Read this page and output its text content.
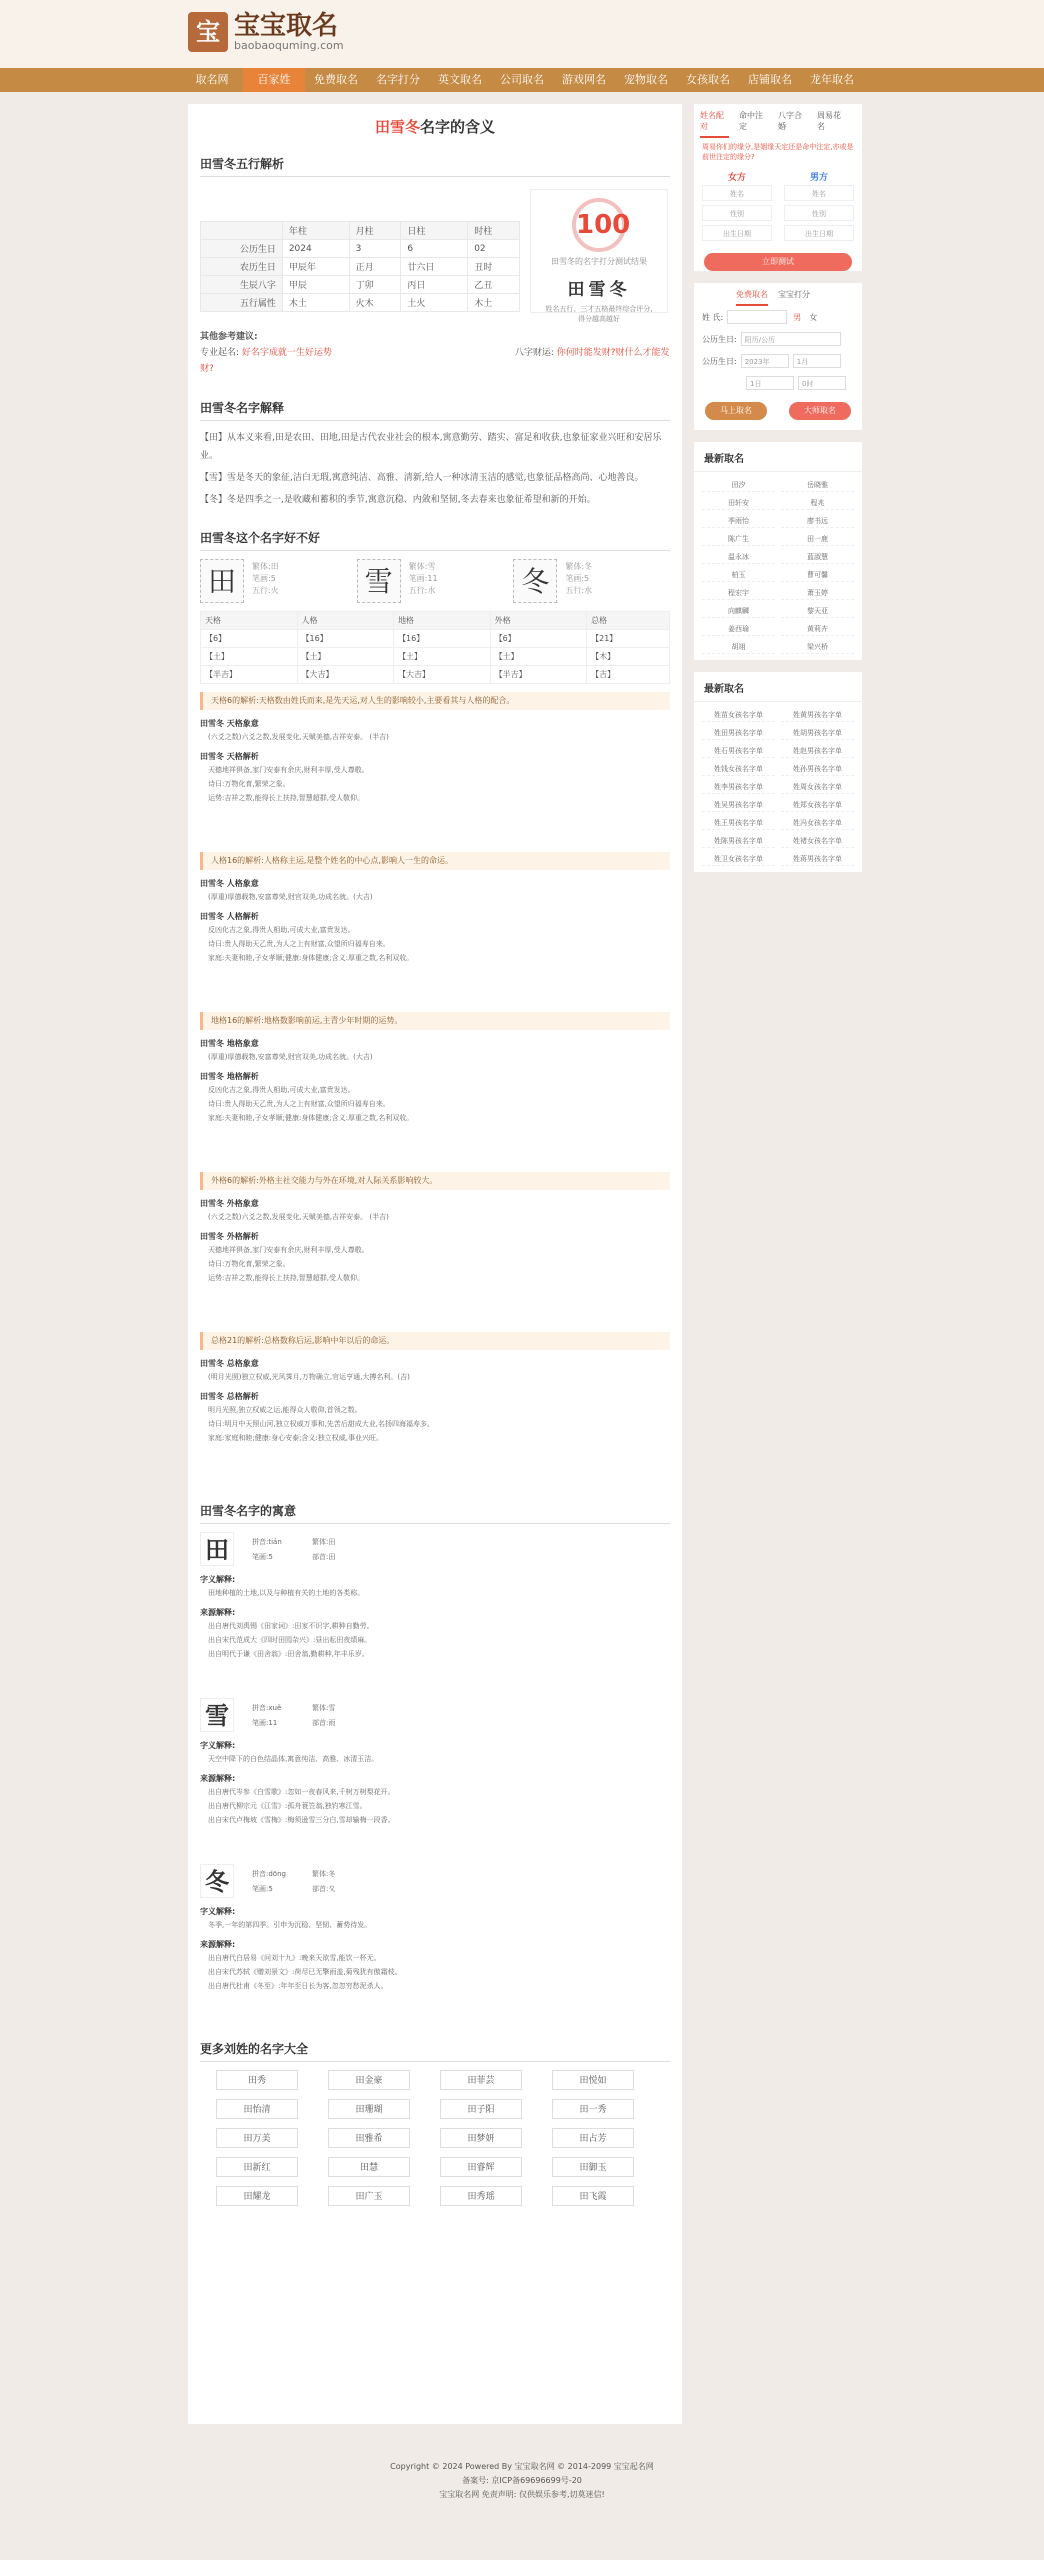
宝 宝宝取名
baobaoquming.com
取名网	百家姓	免费取名	名字打分	英文取名	公司取名	游戏网名	宠物取名	女孩取名	店铺取名	龙年取名
田雪冬名字的含义
田雪冬五行解析
	年柱	月柱	日柱	时柱
公历生日	2024	3	6	02
农历生日	甲辰年	正月	廿六日	丑时
生辰八字	甲辰	丁卯	丙日	乙丑
五行属性	木土	火木	土火	木土
100
田雪冬的名字打分测试结果
田雪冬
姓名五行、三才五格最终综合评分,得分越高越好
其他参考建议:
专业起名: 好名字成就一生好运势	八字财运: 你何时能发财?财什么才能发财?
田雪冬名字解释
【田】从本义来看,田是农田、田地,田是古代农业社会的根本,寓意勤劳、踏实、富足和收获,也象征家业兴旺和安居乐业。
【雪】雪是冬天的象征,洁白无瑕,寓意纯洁、高雅、清新,给人一种冰清玉洁的感觉,也象征品格高尚、心地善良。
【冬】冬是四季之一,是收藏和蓄积的季节,寓意沉稳、内敛和坚韧,冬去春来也象征希望和新的开始。
田雪冬这个名字好不好
田	繁体:田
笔画:5
五行:火	雪	繁体:雪
笔画:11
五行:水	冬	繁体:冬
笔画:5
五行:水
天格	人格	地格	外格	总格
【6】	【16】	【16】	【6】	【21】
【土】	【土】	【土】	【土】	【木】
【半吉】	【大吉】	【大吉】	【半吉】	【吉】
天格6的解析:天格数由姓氏而来,是先天运,对人生的影响较小,主要看其与人格的配合。
田雪冬 天格象意
(六爻之数)六爻之数,发展变化,天赋美德,吉祥安泰。 (半吉)
田雪冬 天格解析
天德地祥俱备,家门安泰有余庆,财利丰厚,受人尊敬。
诗曰:万物化育,繁荣之象。
运势:吉祥之数,能得长上扶持,智慧超群,受人敬仰。
人格16的解析:人格称主运,是整个姓名的中心点,影响人一生的命运。
田雪冬 人格象意
(厚重)厚德载物,安富尊荣,财官双美,功成名就。(大吉)
田雪冬 人格解析
反凶化吉之象,得贵人相助,可成大业,富贵发达。
诗曰:贵人得助天乙贵,为人之上有财富,众望所归福寿自来。
家庭:夫妻和睦,子女孝顺;健康:身体健康;含义:厚重之数,名利双收。
地格16的解析:地格数影响前运,主青少年时期的运势。
田雪冬 地格象意
(厚重)厚德载物,安富尊荣,财官双美,功成名就。(大吉)
田雪冬 地格解析
反凶化吉之象,得贵人相助,可成大业,富贵发达。
诗曰:贵人得助天乙贵,为人之上有财富,众望所归福寿自来。
家庭:夫妻和睦,子女孝顺;健康:身体健康;含义:厚重之数,名利双收。
外格6的解析:外格主社交能力与外在环境,对人际关系影响较大。
田雪冬 外格象意
(六爻之数)六爻之数,发展变化,天赋美德,吉祥安泰。 (半吉)
田雪冬 外格解析
天德地祥俱备,家门安泰有余庆,财利丰厚,受人尊敬。
诗曰:万物化育,繁荣之象。
运势:吉祥之数,能得长上扶持,智慧超群,受人敬仰。
总格21的解析:总格数称后运,影响中年以后的命运。
田雪冬 总格象意
(明月光照)独立权威,光风霁月,万物确立,官运亨通,大搏名利。(吉)
田雪冬 总格解析
明月光照,独立权威之运,能得众人敬仰,首领之数。
诗曰:明月中天照山河,独立权威万事和,先苦后甜成大业,名扬四海福寿多。
家庭:家庭和睦;健康:身心安泰;含义:独立权威,事业兴旺。
田雪冬名字的寓意
田	拼音:tián	繁体:田
笔画:5	部首:田
字义解释:
田地种植的土地,以及与种植有关的土地的各类称。
来源解释:
出自唐代刘禹锡《田家词》:田家不识字,耕种自勤劳。
出自宋代范成大《四时田园杂兴》:昼出耘田夜绩麻。
出自明代于谦《田舍翁》:田舍翁,勤耕种,年丰乐岁。
雪	拼音:xuě	繁体:雪
笔画:11	部首:雨
字义解释:
天空中降下的白色结晶体,寓意纯洁、高雅、冰清玉洁。
来源解释:
出自唐代岑参《白雪歌》:忽如一夜春风来,千树万树梨花开。
出自唐代柳宗元《江雪》:孤舟蓑笠翁,独钓寒江雪。
出自宋代卢梅坡《雪梅》:梅须逊雪三分白,雪却输梅一段香。
冬	拼音:dōng	繁体:冬
笔画:5	部首:夂
字义解释:
冬季,一年的第四季。引申为沉稳、坚韧、蓄势待发。
来源解释:
出自唐代白居易《问刘十九》:晚来天欲雪,能饮一杯无。
出自宋代苏轼《赠刘景文》:荷尽已无擎雨盖,菊残犹有傲霜枝。
出自唐代杜甫《冬至》:年年至日长为客,忽忽穷愁泥杀人。
更多刘姓的名字大全
田秀	田金豪	田菲芸	田悦如
田怡清	田珊瑚	田子阳	田一秀
田万美	田雅希	田梦妍	田占芳
田新红	田慧	田睿辉	田御玉
田耀龙	田广玉	田秀瑶	田飞霞
姓名配对
命中注定
八字合婚
周易花名
周易你们的缘分,是姻缘天定还是命中注定,亦或是前世注定的缘分?
女方
姓名
性别
出生日期
男方
姓名
性别
出生日期
立即测试
免费取名 宝宝打分
姓 氏:	男 女
公历生日:	阳历/公历
公历生日:	2023年	1月
1日	0时
马上取名	大师取名
最新取名
田汐	岳晓雅
田轩安	程兆
季雨怡	廖书远
陈广生	田一鹿
温永冰	蓝淑慧
柏玉	曹可馨
程宏宇	萧玉婷
向麒麟	黎天亚
姜西瑜	黄莉卉
胡翊	梁兴桥
最新取名
姓苗女孩名字单	姓黄男孩名字单
姓田男孩名字单	姓胡男孩名字单
姓石男孩名字单	姓赵男孩名字单
姓钱女孩名字单	姓孙男孩名字单
姓李男孩名字单	姓周女孩名字单
姓吴男孩名字单	姓郑女孩名字单
姓王男孩名字单	姓冯女孩名字单
姓陈男孩名字单	姓褚女孩名字单
姓卫女孩名字单	姓蒋男孩名字单
Copyright © 2024 Powered By 宝宝取名网 © 2014-2099 宝宝起名网
备案号: 京ICP备69696699号-20
宝宝取名网 免责声明: 仅供娱乐参考,切莫迷信!
